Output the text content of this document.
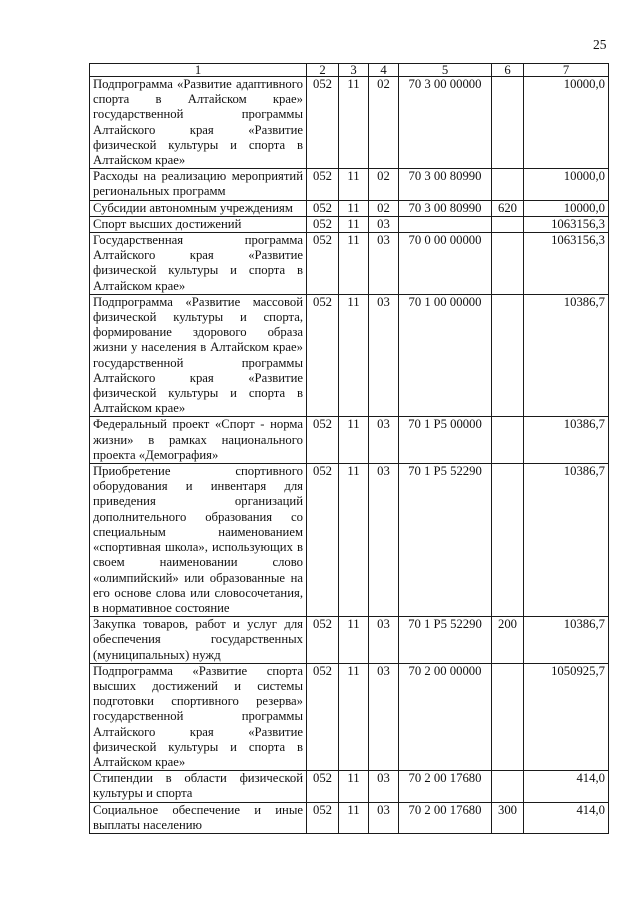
25
1	2	3	4	5	6	7
Подпрограмма «Развитие адаптивного спорта в Алтайском крае» государственной программы Алтайского края «Развитие физической культуры и спорта в Алтайском крае»	052	11	02	70 3 00 00000		10000,0
Расходы на реализацию мероприятий региональных программ	052	11	02	70 3 00 80990		10000,0
Субсидии автономным учреждениям	052	11	02	70 3 00 80990	620	10000,0
Спорт высших достижений	052	11	03			1063156,3
Государственная программа Алтайского края «Развитие физической культуры и спорта в Алтайском крае»	052	11	03	70 0 00 00000		1063156,3
Подпрограмма «Развитие массовой физической культуры и спорта, формирование здорового образа жизни у населения в Алтайском крае» государственной программы Алтайского края «Развитие физической культуры и спорта в Алтайском крае»	052	11	03	70 1 00 00000		10386,7
Федеральный проект «Спорт - норма жизни» в рамках национального проекта «Демография»	052	11	03	70 1 P5 00000		10386,7
Приобретение спортивного оборудования и инвентаря для приведения организаций дополнительного образования со специальным наименованием «спортивная школа», использующих в своем наименовании слово «олимпийский» или образованные на его основе слова или словосочетания, в нормативное состояние	052	11	03	70 1 P5 52290		10386,7
Закупка товаров, работ и услуг для обеспечения государственных (муниципальных) нужд	052	11	03	70 1 P5 52290	200	10386,7
Подпрограмма «Развитие спорта высших достижений и системы подготовки спортивного резерва» государственной программы Алтайского края «Развитие физической культуры и спорта в Алтайском крае»	052	11	03	70 2 00 00000		1050925,7
Стипендии в области физической культуры и спорта	052	11	03	70 2 00 17680		414,0
Социальное обеспечение и иные выплаты населению	052	11	03	70 2 00 17680	300	414,0
